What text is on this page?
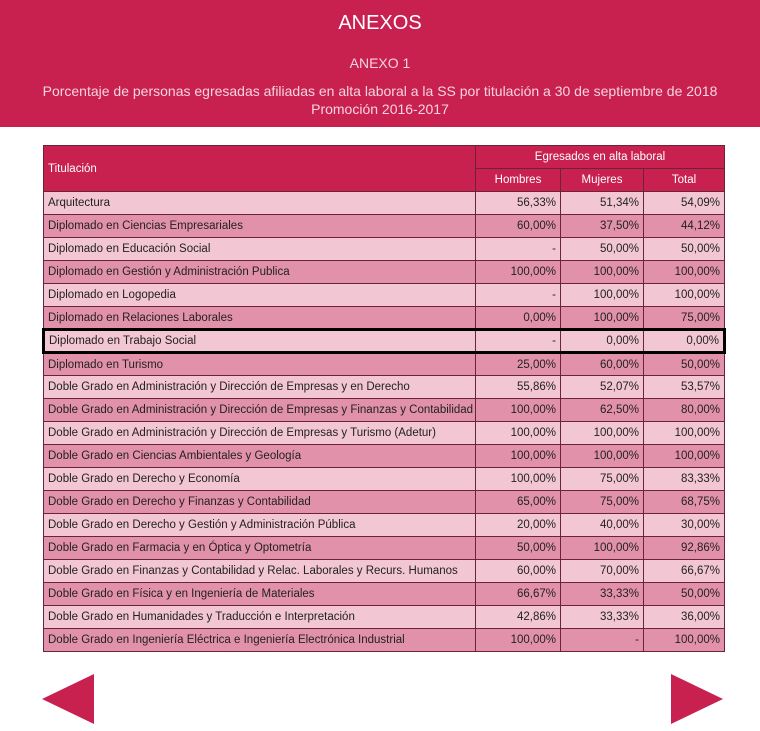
ANEXOS
ANEXO 1
Porcentaje de personas egresadas afiliadas en alta laboral a la SS por titulación a 30 de septiembre de 2018
Promoción 2016-2017
Titulación	Egresados en alta laboral		
	Hombres	Mujeres	Total
Arquitectura	56,33%	51,34%	54,09%
Diplomado en Ciencias Empresariales	60,00%	37,50%	44,12%
Diplomado en Educación Social	-	50,00%	50,00%
Diplomado en Gestión y Administración Publica	100,00%	100,00%	100,00%
Diplomado en Logopedia	-	100,00%	100,00%
Diplomado en Relaciones Laborales	0,00%	100,00%	75,00%
Diplomado en Trabajo Social	-	0,00%	0,00%
Diplomado en Turismo	25,00%	60,00%	50,00%
Doble Grado en Administración y Dirección de Empresas y en Derecho	55,86%	52,07%	53,57%
Doble Grado en Administración y Dirección de Empresas y Finanzas y Contabilidad	100,00%	62,50%	80,00%
Doble Grado en Administración y Dirección de Empresas y Turismo (Adetur)	100,00%	100,00%	100,00%
Doble Grado en Ciencias Ambientales y Geología	100,00%	100,00%	100,00%
Doble Grado en Derecho y Economía	100,00%	75,00%	83,33%
Doble Grado en Derecho y Finanzas y Contabilidad	65,00%	75,00%	68,75%
Doble Grado en Derecho y Gestión y Administración Pública	20,00%	40,00%	30,00%
Doble Grado en Farmacia y en Óptica y Optometría	50,00%	100,00%	92,86%
Doble Grado en Finanzas y Contabilidad y Relac. Laborales y Recurs. Humanos	60,00%	70,00%	66,67%
Doble Grado en Física y en Ingeniería de Materiales	66,67%	33,33%	50,00%
Doble Grado en Humanidades y Traducción e Interpretación	42,86%	33,33%	36,00%
Doble Grado en Ingeniería Eléctrica e Ingeniería Electrónica Industrial	100,00%	-	100,00%
